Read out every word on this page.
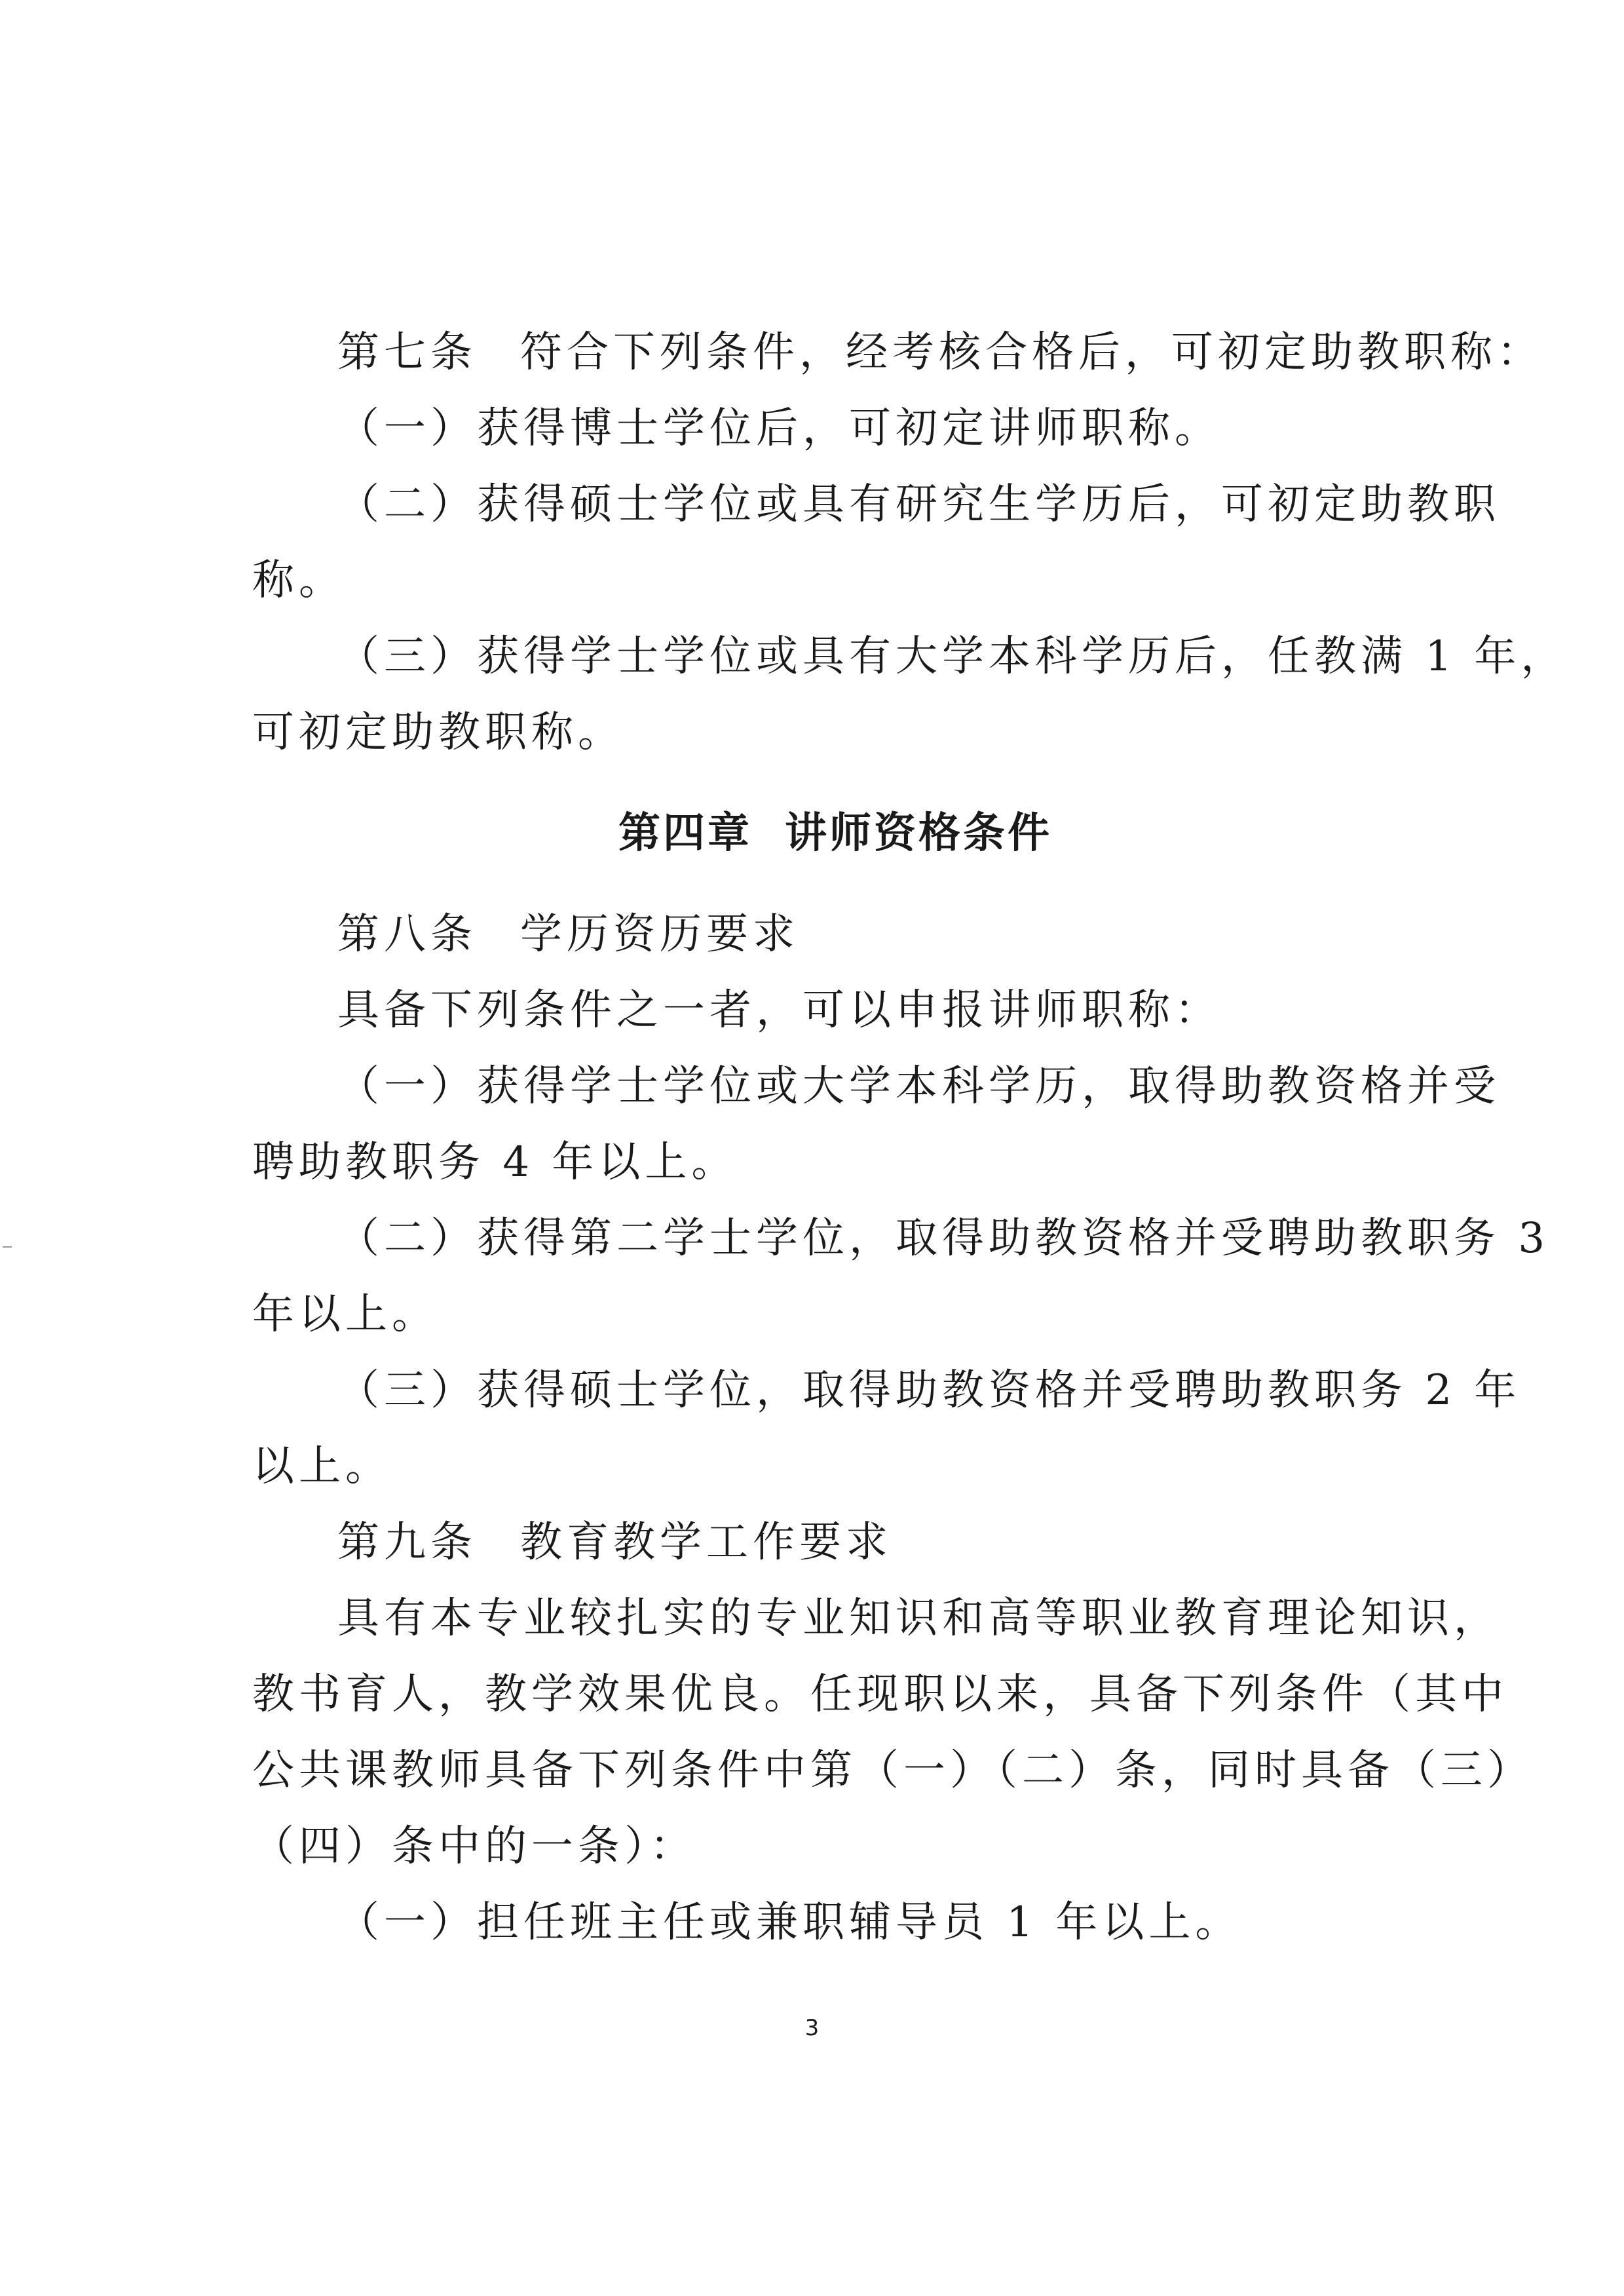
第七条 符合下列条件，经考核合格后，可初定助教职称：
（一）获得博士学位后，可初定讲师职称。
（二）获得硕士学位或具有研究生学历后，可初定助教职
称。
（三）获得学士学位或具有大学本科学历后，任教满 1 年，
可初定助教职称。
第四章 讲师资格条件
第八条 学历资历要求
具备下列条件之一者，可以申报讲师职称：
（一）获得学士学位或大学本科学历，取得助教资格并受
聘助教职务 4 年以上。
（二）获得第二学士学位，取得助教资格并受聘助教职务 3
年以上。
（三）获得硕士学位，取得助教资格并受聘助教职务 2 年
以上。
第九条 教育教学工作要求
具有本专业较扎实的专业知识和高等职业教育理论知识，
教书育人，教学效果优良。任现职以来，具备下列条件（其中
公共课教师具备下列条件中第（一）（二）条，同时具备（三）
（四）条中的一条）：
（一）担任班主任或兼职辅导员 1 年以上。
3
